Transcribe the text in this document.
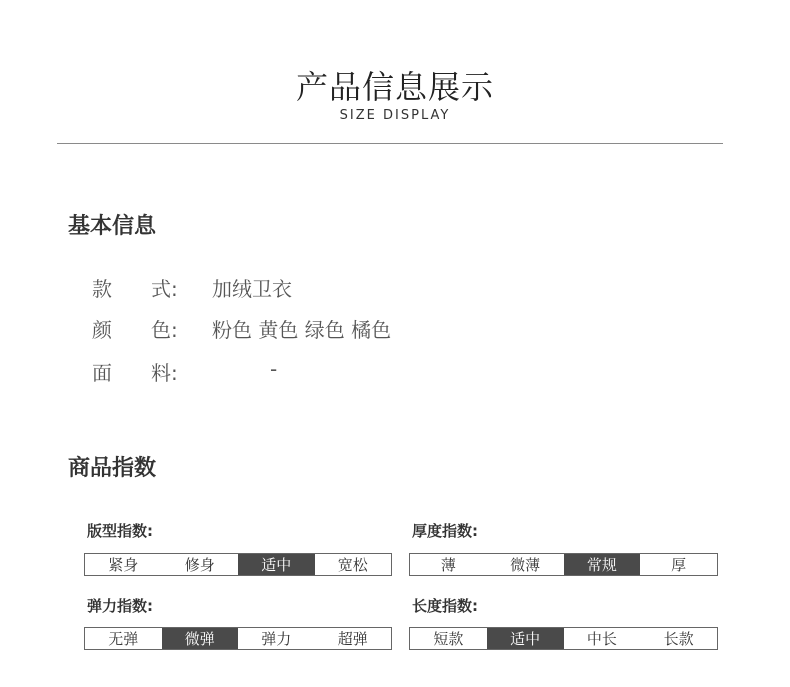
产品信息展示
SIZE DISPLAY
基本信息
款 式: 加绒卫衣
颜 色: 粉色 黄色 绿色 橘色
面 料:	-
商品指数
版型指数:
紧身	修身	适中	宽松
厚度指数:
薄	微薄	常规	厚
弹力指数:
无弹	微弹	弹力	超弹
长度指数:
短款	适中	中长	长款
